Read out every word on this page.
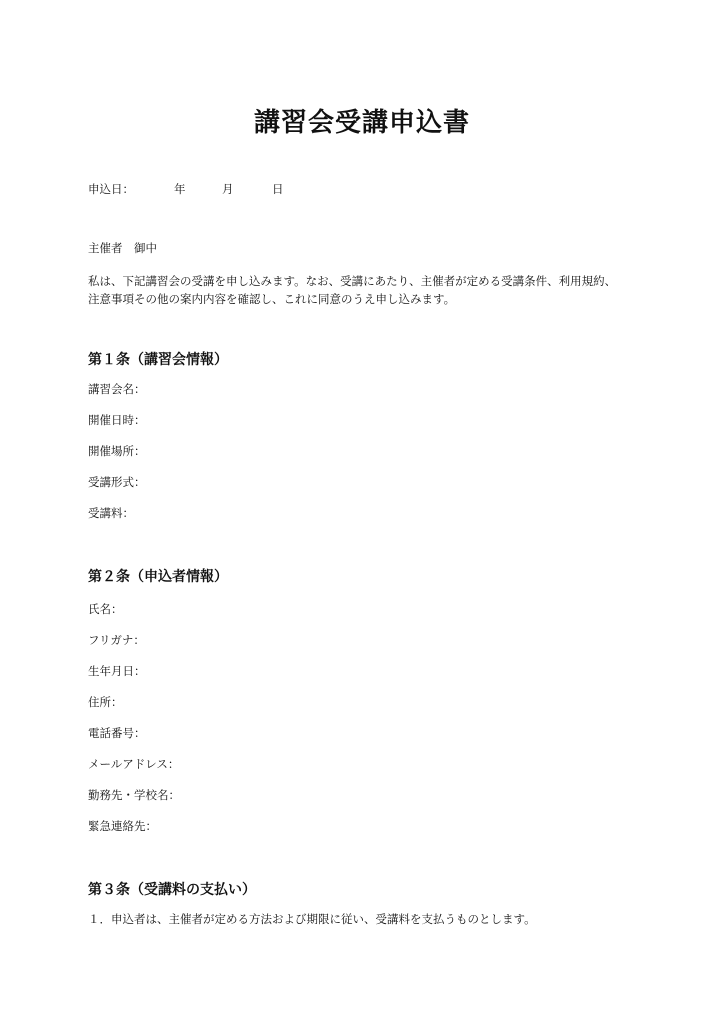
講習会受講申込書
申込日：	年	月	日
主催者　御中
私は、下記講習会の受講を申し込みます。なお、受講にあたり、主催者が定める受講条件、利用規約、
注意事項その他の案内内容を確認し、これに同意のうえ申し込みます。
第１条（講習会情報）
講習会名：
開催日時：
開催場所：
受講形式：
受講料：
第２条（申込者情報）
氏名：
フリガナ：
生年月日：
住所：
電話番号：
メールアドレス：
勤務先・学校名：
緊急連絡先：
第３条（受講料の支払い）
１．申込者は、主催者が定める方法および期限に従い、受講料を支払うものとします。
